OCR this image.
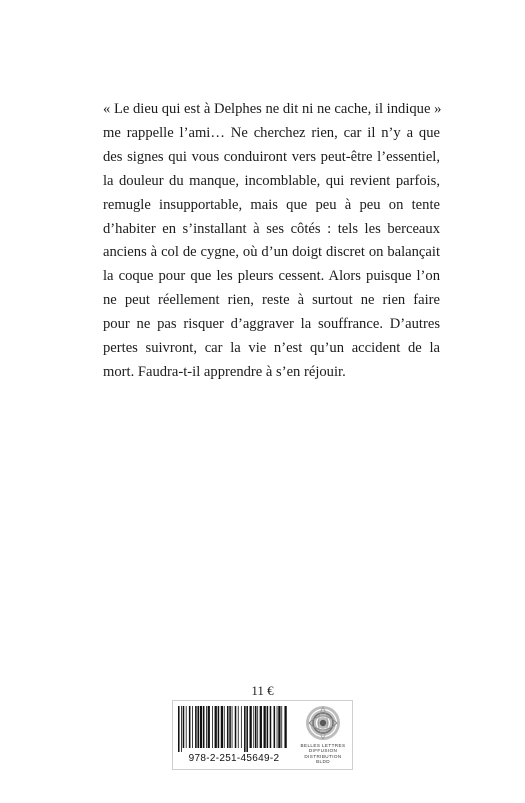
« Le dieu qui est à Delphes ne dit ni ne cache, il indique »
me rappelle l’ami… Ne cherchez rien, car il n’y a que
des signes qui vous conduiront vers peut-être l’essentiel,
la douleur du manque, incomblable, qui revient parfois,
remugle insupportable, mais que peu à peu on tente
d’habiter en s’installant à ses côtés : tels les berceaux
anciens à col de cygne, où d’un doigt discret on balançait
la coque pour que les pleurs cessent. Alors puisque l’on
ne peut réellement rien, reste à surtout ne rien faire
pour ne pas risquer d’aggraver la souffrance. D’autres
pertes suivront, car la vie n’est qu’un accident de la
mort. Faudra-t-il apprendre à s’en réjouir.
11 €
978-2-251-45649-2
BELLES LETTRES
DIFFUSION
DISTRIBUTION
BLDD
